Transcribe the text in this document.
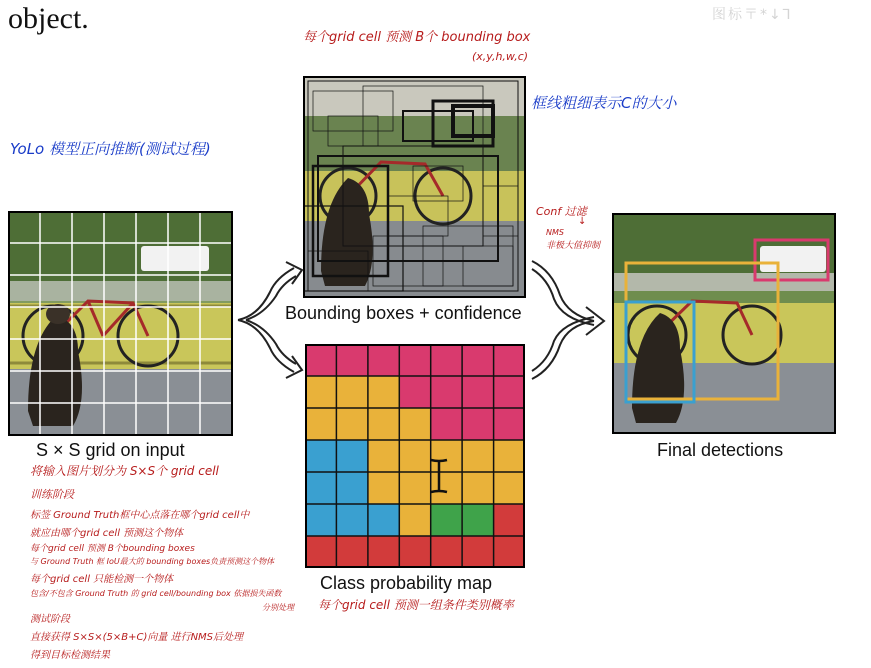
object.	图标〒*↓⅂
每个grid cell 预测 B个 bounding box
(x,y,h,w,c)
框线粗细表示C的大小
YoLo 模型正向推断(测试过程)
Conf 过滤
↓
NMS
非极大值抑制
S × S grid on input
Bounding boxes + confidence
Class probability map
每个grid cell 预测一组条件类别概率
Final detections
将输入图片划分为 S×S个 grid cell
训练阶段
标签 Ground Truth框中心点落在哪个grid cell中
就应由哪个grid cell 预测这个物体
每个grid cell 预测 B个bounding boxes
与 Ground Truth 框 IoU最大的 bounding boxes负责预测这个物体
每个grid cell 只能检测一个物体
包含/不包含 Ground Truth 的 grid cell/bounding box 依据损失函数
分别处理
测试阶段
直接获得 S×S×(5×B+C)向量 进行NMS后处理
得到目标检测结果
